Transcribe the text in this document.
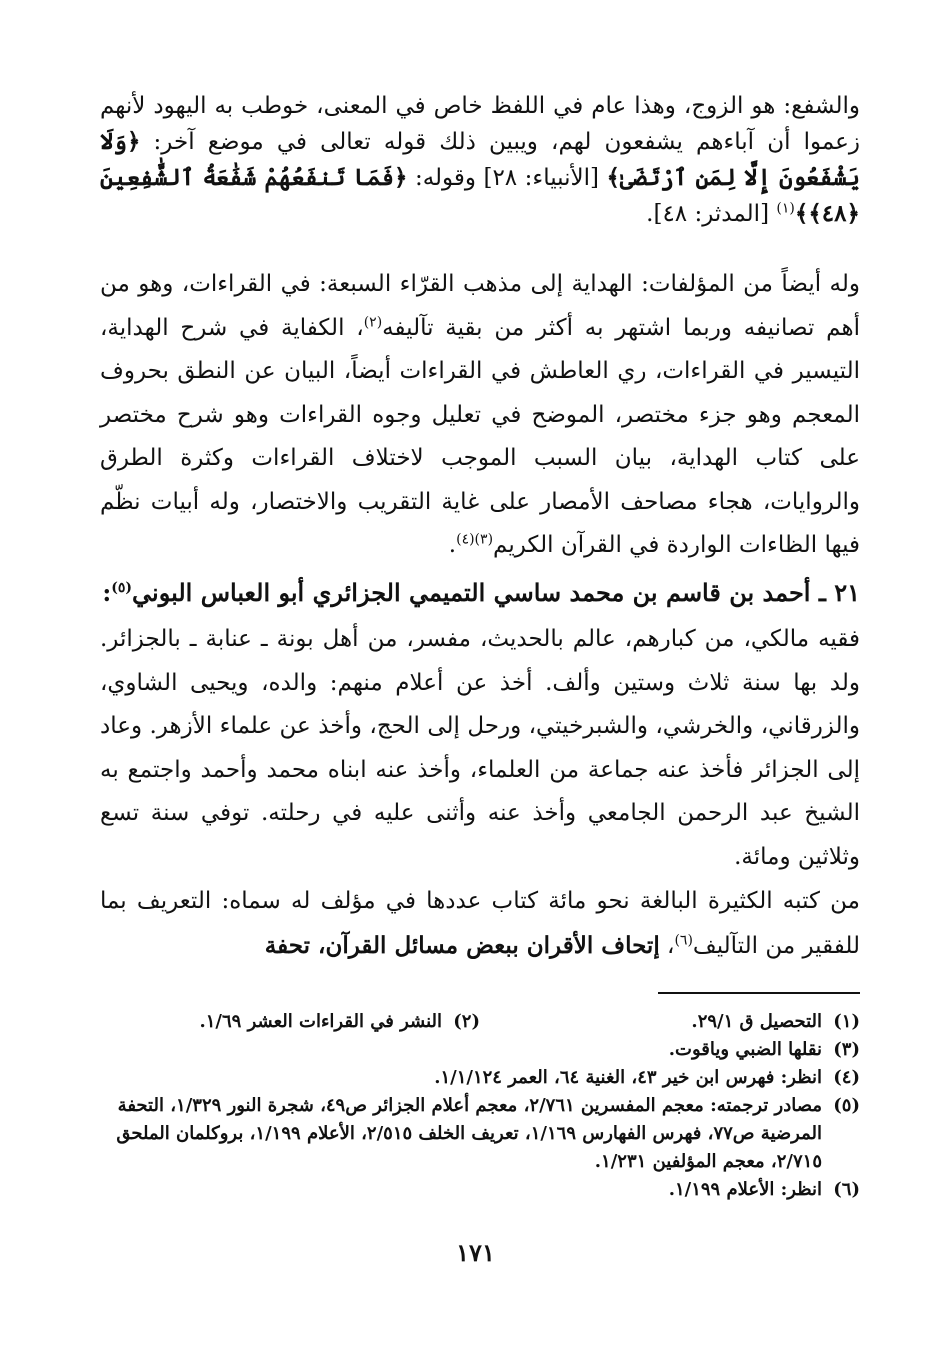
والشفع: هو الزوج، وهذا عام في اللفظ خاص في المعنى، خوطب به اليهود لأنهم زعموا أن آباءهم يشفعون لهم، ويبين ذلك قوله تعالى في موضع آخر: ﴿وَلَا يَشْفَعُونَ إِلَّا لِمَنِ ٱرْتَضَىٰ﴾ [الأنبياء: ٢٨] وقوله: ﴿فَمَا تَنفَعُهُمْ شَفَٰعَةُ ٱلشَّٰفِعِينَ ﴿٤٨﴾﴾$^{(١)}$ [المدثر: ٤٨].
وله أيضاً من المؤلفات: الهداية إلى مذهب القرّاء السبعة: في القراءات، وهو من أهم تصانيفه وربما اشتهر به أكثر من بقية تآليفه$^{(٢)}$، الكفاية في شرح الهداية، التيسير في القراءات، ري العاطش في القراءات أيضاً، البيان عن النطق بحروف المعجم وهو جزء مختصر، الموضح في تعليل وجوه القراءات وهو شرح مختصر على كتاب الهداية، بيان السبب الموجب لاختلاف القراءات وكثرة الطرق والروايات، هجاء مصاحف الأمصار على غاية التقريب والاختصار، وله أبيات نظّم فيها الظاءات الواردة في القرآن الكريم$^{(٣)(٤)}$.
٢١ ـ أحمد بن قاسم بن محمد ساسي التميمي الجزائري أبو العباس البوني$^{(٥)}$:
فقيه مالكي، من كبارهم، عالم بالحديث، مفسر، من أهل بونة ـ عنابة ـ بالجزائر. ولد بها سنة ثلاث وستين وألف. أخذ عن أعلام منهم: والده، ويحيى الشاوي، والزرقاني، والخرشي، والشبرخيتي، ورحل إلى الحج، وأخذ عن علماء الأزهر. وعاد إلى الجزائر فأخذ عنه جماعة من العلماء، وأخذ عنه ابناه محمد وأحمد واجتمع به الشيخ عبد الرحمن الجامعي وأخذ عنه وأثنى عليه في رحلته. توفي سنة تسع وثلاثين ومائة.
من كتبه الكثيرة البالغة نحو مائة كتاب عددها في مؤلف له سماه: التعريف بما للفقير من التآليف$^{(٦)}$، إتحاف الأقران ببعض مسائل القرآن، تحفة
(١)
التحصيل ق ٢٩/١.
(٢)
النشر في القراءات العشر ١/٦٩.
(٣)
نقلها الضبي وياقوت.
(٤)
انظر: فهرس ابن خير ٤٣، الغنية ٦٤، العمر ١/١/١٢٤.
(٥)
مصادر ترجمته: معجم المفسرين ٢/٧٦١، معجم أعلام الجزائر ص٤٩، شجرة النور ١/٣٢٩، التحفة المرضية ص٧٧، فهرس الفهارس ١/١٦٩، تعريف الخلف ٢/٥١٥، الأعلام ١/١٩٩، بروكلمان الملحق ٢/٧١٥، معجم المؤلفين ١/٢٣١.
(٦)
انظر: الأعلام ١/١٩٩.
١٧١
